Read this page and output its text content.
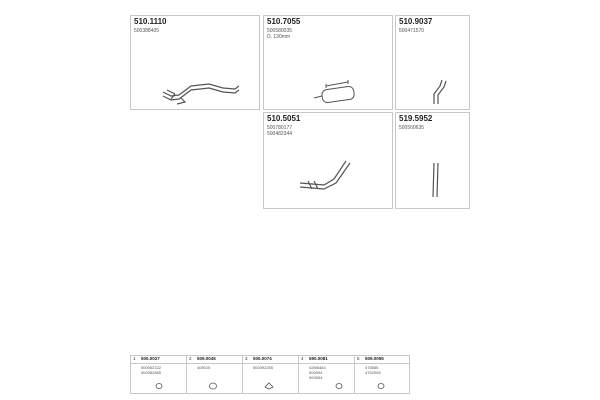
510.1110
500388405
510.7055
500580035
D. 130mm
510.9037
500471570
510.5051
500780177
500482344
519.5952
500560635
1 500.0027
500062322
500082865
2 509.0045
405015
3 500.0074
500392265
4 590.0081
02M6484
500594
500654
5 509.0055
475585
4752005
